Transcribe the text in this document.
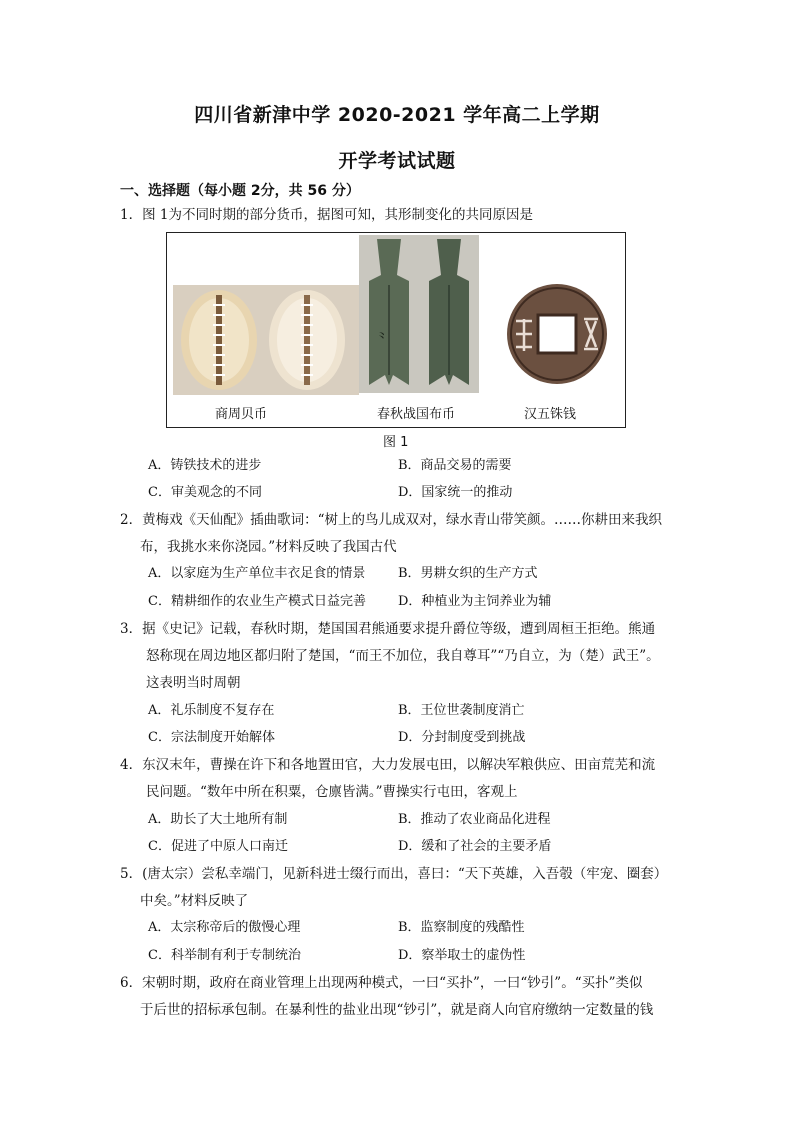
四川省新津中学 2020-2021 学年高二上学期
开学考试试题
一、选择题（每小题 2分，共 56 分）
1．图 1为不同时期的部分货币，据图可知，其形制变化的共同原因是
⺀
商周贝币	春秋战国布币	汉五铢钱
图 1
A．铸铁技术的进步	B．商品交易的需要
C．审美观念的不同	D．国家统一的推动
2．黄梅戏《天仙配》插曲歌词：“树上的鸟儿成双对，绿水青山带笑颜。……你耕田来我织
布，我挑水来你浇园。”材料反映了我国古代
A．以家庭为生产单位丰衣足食的情景	B．男耕女织的生产方式
C．精耕细作的农业生产模式日益完善 D．种植业为主饲养业为辅
3．据《史记》记载，春秋时期，楚国国君熊通要求提升爵位等级，遭到周桓王拒绝。熊通
怒称现在周边地区都归附了楚国，“而王不加位，我自尊耳”“乃自立，为（楚）武王”。
这表明当时周朝
A．礼乐制度不复存在	B．王位世袭制度消亡
C．宗法制度开始解体	D．分封制度受到挑战
4．东汉末年，曹操在许下和各地置田官，大力发展屯田，以解决军粮供应、田亩荒芜和流
民问题。“数年中所在积粟，仓廪皆满。”曹操实行屯田，客观上
A．助长了大土地所有制	B．推动了农业商品化进程
C．促进了中原人口南迁	D．缓和了社会的主要矛盾
5．(唐太宗）尝私幸端门，见新科进士缀行而出，喜曰：“天下英雄，入吾彀（牢宠、圈套）
中矣。”材料反映了
A．太宗称帝后的傲慢心理	B．监察制度的残酷性
C．科举制有利于专制统治	D．察举取士的虚伪性
6．宋朝时期，政府在商业管理上出现两种模式，一曰“买扑”，一曰“钞引”。“买扑”类似
于后世的招标承包制。在暴利性的盐业出现“钞引”，就是商人向官府缴纳一定数量的钱
